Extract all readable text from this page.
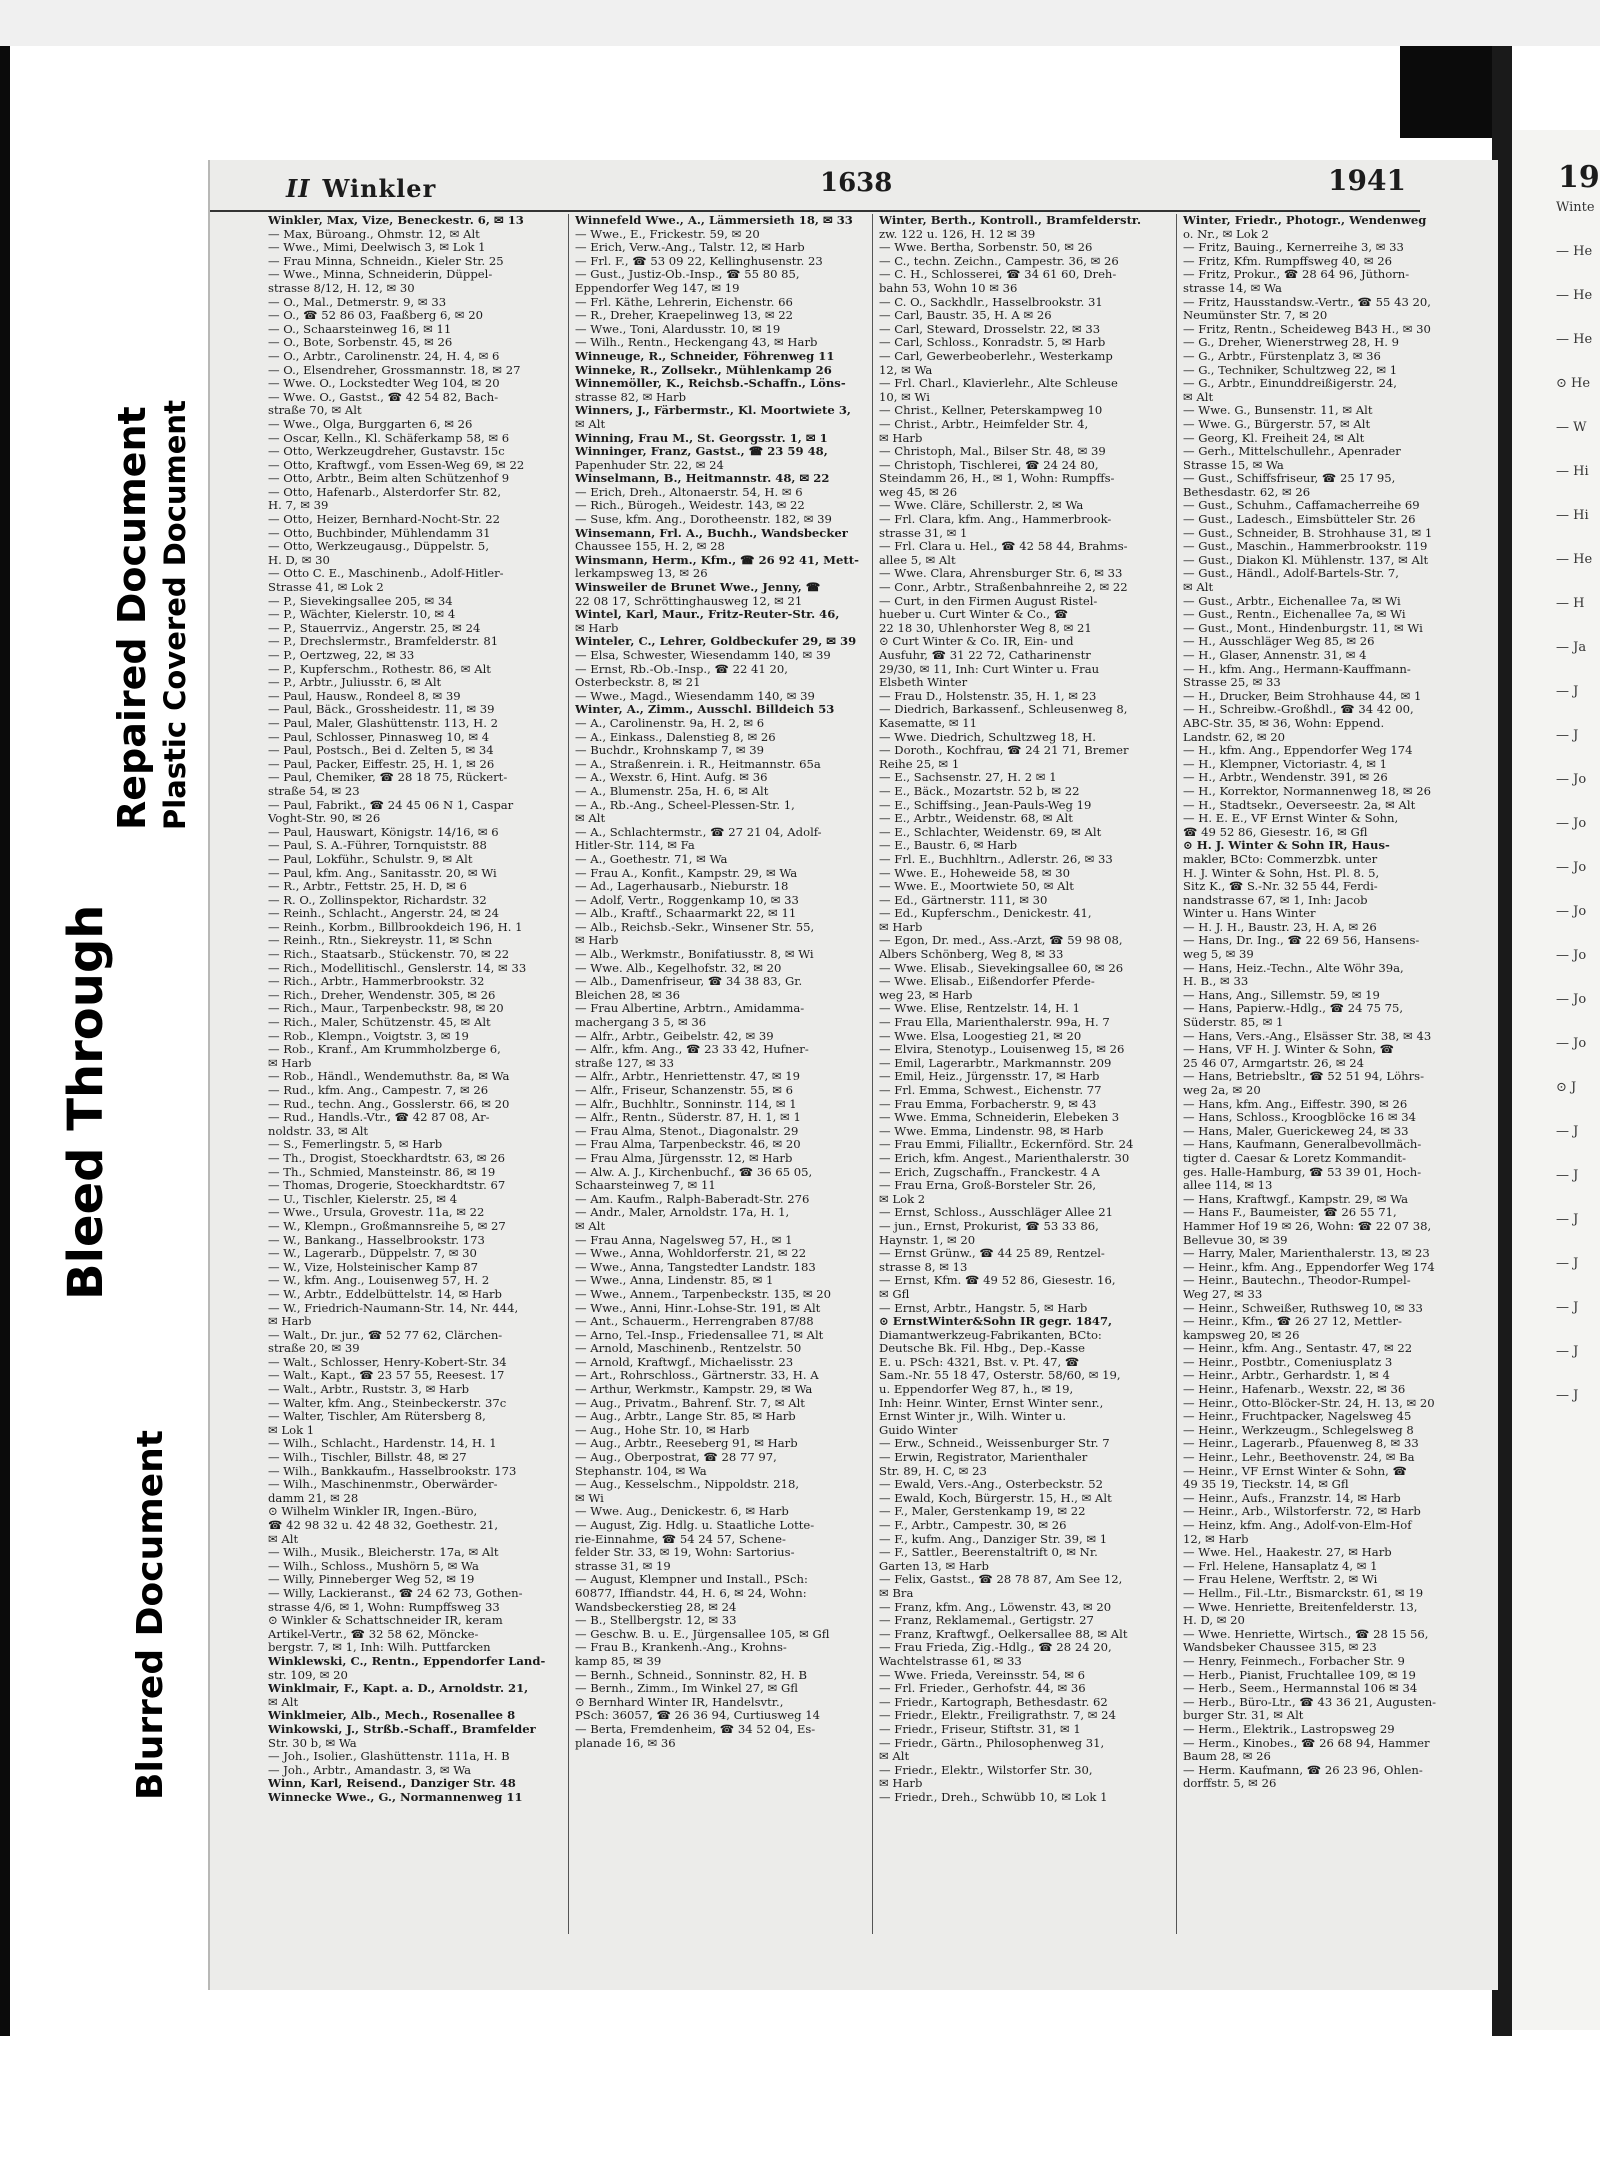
19
Winte
— He
— He
— He
⊙ He
— W
— Hi
— Hi
— He
— H
— Ja
— J
— J
— Jo
— Jo
— Jo
— Jo
— Jo
— Jo
— Jo
⊙ J
— J
— J
— J
— J
— J
— J
— J
Bleed Through
Repaired Document Plastic Covered Document
Blurred Document
II Winkler	1638	1941
Winkler, Max, Vize, Beneckestr. 6, ✉ 13
— Max, Büroang., Ohmstr. 12, ✉ Alt
— Wwe., Mimi, Deelwisch 3, ✉ Lok 1
— Frau Minna, Schneidn., Kieler Str. 25
— Wwe., Minna, Schneiderin, Düppel-
strasse 8/12, H. 12, ✉ 30
— O., Mal., Detmerstr. 9, ✉ 33
— O., ☎ 52 86 03, Faaßberg 6, ✉ 20
— O., Schaarsteinweg 16, ✉ 11
— O., Bote, Sorbenstr. 45, ✉ 26
— O., Arbtr., Carolinenstr. 24, H. 4, ✉ 6
— O., Elsendreher, Grossmannstr. 18, ✉ 27
— Wwe. O., Lockstedter Weg 104, ✉ 20
— Wwe. O., Gastst., ☎ 42 54 82, Bach-
straße 70, ✉ Alt
— Wwe., Olga, Burggarten 6, ✉ 26
— Oscar, Kelln., Kl. Schäferkamp 58, ✉ 6
— Otto, Werkzeugdreher, Gustavstr. 15c
— Otto, Kraftwgf., vom Essen-Weg 69, ✉ 22
— Otto, Arbtr., Beim alten Schützenhof 9
— Otto, Hafenarb., Alsterdorfer Str. 82,
H. 7, ✉ 39
— Otto, Heizer, Bernhard-Nocht-Str. 22
— Otto, Buchbinder, Mühlendamm 31
— Otto, Werkzeugausg., Düppelstr. 5,
H. D, ✉ 30
— Otto C. E., Maschinenb., Adolf-Hitler-
Strasse 41, ✉ Lok 2
— P., Sievekingsallee 205, ✉ 34
— P., Wächter, Kielerstr. 10, ✉ 4
— P., Stauerrviz., Angerstr. 25, ✉ 24
— P., Drechslermstr., Bramfelderstr. 81
— P., Oertzweg, 22, ✉ 33
— P., Kupferschm., Rothestr. 86, ✉ Alt
— P., Arbtr., Juliusstr. 6, ✉ Alt
— Paul, Hausw., Rondeel 8, ✉ 39
— Paul, Bäck., Grossheidestr. 11, ✉ 39
— Paul, Maler, Glashüttenstr. 113, H. 2
— Paul, Schlosser, Pinnasweg 10, ✉ 4
— Paul, Postsch., Bei d. Zelten 5, ✉ 34
— Paul, Packer, Eiffestr. 25, H. 1, ✉ 26
— Paul, Chemiker, ☎ 28 18 75, Rückert-
straße 54, ✉ 23
— Paul, Fabrikt., ☎ 24 45 06 N 1, Caspar
Voght-Str. 90, ✉ 26
— Paul, Hauswart, Königstr. 14/16, ✉ 6
— Paul, S. A.-Führer, Tornquiststr. 88
— Paul, Lokführ., Schulstr. 9, ✉ Alt
— Paul, kfm. Ang., Sanitasstr. 20, ✉ Wi
— R., Arbtr., Fettstr. 25, H. D, ✉ 6
— R. O., Zollinspektor, Richardstr. 32
— Reinh., Schlacht., Angerstr. 24, ✉ 24
— Reinh., Korbm., Billbrookdeich 196, H. 1
— Reinh., Rtn., Siekreystr. 11, ✉ Schn
— Rich., Staatsarb., Stückenstr. 70, ✉ 22
— Rich., Modellitischl., Genslerstr. 14, ✉ 33
— Rich., Arbtr., Hammerbrookstr. 32
— Rich., Dreher, Wendenstr. 305, ✉ 26
— Rich., Maur., Tarpenbeckstr. 98, ✉ 20
— Rich., Maler, Schützenstr. 45, ✉ Alt
— Rob., Klempn., Voigtstr. 3, ✉ 19
— Rob., Kranf., Am Krummholzberge 6,
✉ Harb
— Rob., Händl., Wendemuthstr. 8a, ✉ Wa
— Rud., kfm. Ang., Campestr. 7, ✉ 26
— Rud., techn. Ang., Gosslerstr. 66, ✉ 20
— Rud., Handls.-Vtr., ☎ 42 87 08, Ar-
noldstr. 33, ✉ Alt
— S., Femerlingstr. 5, ✉ Harb
— Th., Drogist, Stoeckhardtstr. 63, ✉ 26
— Th., Schmied, Mansteinstr. 86, ✉ 19
— Thomas, Drogerie, Stoeckhardtstr. 67
— U., Tischler, Kielerstr. 25, ✉ 4
— Wwe., Ursula, Grovestr. 11a, ✉ 22
— W., Klempn., Großmannsreihe 5, ✉ 27
— W., Bankang., Hasselbrookstr. 173
— W., Lagerarb., Düppelstr. 7, ✉ 30
— W., Vize, Holsteinischer Kamp 87
— W., kfm. Ang., Louisenweg 57, H. 2
— W., Arbtr., Eddelbüttelstr. 14, ✉ Harb
— W., Friedrich-Naumann-Str. 14, Nr. 444,
✉ Harb
— Walt., Dr. jur., ☎ 52 77 62, Clärchen-
straße 20, ✉ 39
— Walt., Schlosser, Henry-Kobert-Str. 34
— Walt., Kapt., ☎ 23 57 55, Reesest. 17
— Walt., Arbtr., Ruststr. 3, ✉ Harb
— Walter, kfm. Ang., Steinbeckerstr. 37c
— Walter, Tischler, Am Rütersberg 8,
✉ Lok 1
— Wilh., Schlacht., Hardenstr. 14, H. 1
— Wilh., Tischler, Billstr. 48, ✉ 27
— Wilh., Bankkaufm., Hasselbrookstr. 173
— Wilh., Maschinenmstr., Oberwärder-
damm 21, ✉ 28
⊙ Wilhelm Winkler IR, Ingen.-Büro,
☎ 42 98 32 u. 42 48 32, Goethestr. 21,
✉ Alt
— Wilh., Musik., Bleicherstr. 17a, ✉ Alt
— Wilh., Schloss., Mushörn 5, ✉ Wa
— Willy, Pinneberger Weg 52, ✉ 19
— Willy, Lackieranst., ☎ 24 62 73, Gothen-
strasse 4/6, ✉ 1, Wohn: Rumpffsweg 33
⊙ Winkler & Schattschneider IR, keram
Artikel-Vertr., ☎ 32 58 62, Mönckе-
bergstr. 7, ✉ 1, Inh: Wilh. Puttfarcken
Winklewski, C., Rentn., Eppendorfer Land-
str. 109, ✉ 20
Winklmair, F., Kapt. a. D., Arnoldstr. 21,
✉ Alt
Winklmeier, Alb., Mech., Rosenallee 8
Winkowski, J., Strßb.-Schaff., Bramfelder
Str. 30 b, ✉ Wa
— Joh., Isolier., Glashüttenstr. 111a, H. B
— Joh., Arbtr., Amandastr. 3, ✉ Wa
Winn, Karl, Reisend., Danziger Str. 48
Winnecke Wwe., G., Normannenweg 11
Winnefeld Wwe., A., Lämmersieth 18, ✉ 33
— Wwe., E., Frickestr. 59, ✉ 20
— Erich, Verw.-Ang., Talstr. 12, ✉ Harb
— Frl. F., ☎ 53 09 22, Kellinghusenstr. 23
— Gust., Justiz-Ob.-Insp., ☎ 55 80 85,
Eppendorfer Weg 147, ✉ 19
— Frl. Käthe, Lehrerin, Eichenstr. 66
— R., Dreher, Kraepelinweg 13, ✉ 22
— Wwe., Toni, Alardusstr. 10, ✉ 19
— Wilh., Rentn., Heckengang 43, ✉ Harb
Winneuge, R., Schneider, Föhrenweg 11
Winneke, R., Zollsekr., Mühlenkamp 26
Winnemöller, K., Reichsb.-Schaffn., Löns-
strasse 82, ✉ Harb
Winners, J., Färbermstr., Kl. Moortwiete 3,
✉ Alt
Winning, Frau M., St. Georgsstr. 1, ✉ 1
Winninger, Franz, Gastst., ☎ 23 59 48,
Papenhuder Str. 22, ✉ 24
Winselmann, B., Heitmannstr. 48, ✉ 22
— Erich, Dreh., Altonaerstr. 54, H. ✉ 6
— Rich., Bürogeh., Weidestr. 143, ✉ 22
— Suse, kfm. Ang., Dorotheenstr. 182, ✉ 39
Winsemann, Frl. A., Buchh., Wandsbecker
Chaussee 155, H. 2, ✉ 28
Winsmann, Herm., Kfm., ☎ 26 92 41, Mett-
lerkampsweg 13, ✉ 26
Winsweiler de Brunet Wwe., Jenny, ☎
22 08 17, Schröttinghausweg 12, ✉ 21
Wintel, Karl, Maur., Fritz-Reuter-Str. 46,
✉ Harb
Winteler, C., Lehrer, Goldbeckufer 29, ✉ 39
— Elsa, Schwester, Wiesendamm 140, ✉ 39
— Ernst, Rb.-Ob.-Insp., ☎ 22 41 20,
Osterbeckstr. 8, ✉ 21
— Wwe., Magd., Wiesendamm 140, ✉ 39
Winter, A., Zimm., Ausschl. Billdeich 53
— A., Carolinenstr. 9a, H. 2, ✉ 6
— A., Einkass., Dalenstieg 8, ✉ 26
— Buchdr., Krohnskamp 7, ✉ 39
— A., Straßenrein. i. R., Heitmannstr. 65a
— A., Wexstr. 6, Hint. Aufg. ✉ 36
— A., Blumenstr. 25a, H. 6, ✉ Alt
— A., Rb.-Ang., Scheel-Plessen-Str. 1,
✉ Alt
— A., Schlachtermstr., ☎ 27 21 04, Adolf-
Hitler-Str. 114, ✉ Fa
— A., Goethestr. 71, ✉ Wa
— Frau A., Konfit., Kampstr. 29, ✉ Wa
— Ad., Lagerhausarb., Nieburstr. 18
— Adolf, Vertr., Roggenkamp 10, ✉ 33
— Alb., Kraftf., Schaarmarkt 22, ✉ 11
— Alb., Reichsb.-Sekr., Winsener Str. 55,
✉ Harb
— Alb., Werkmstr., Bonifatiusstr. 8, ✉ Wi
— Wwe. Alb., Kegelhofstr. 32, ✉ 20
— Alb., Damenfriseur, ☎ 34 38 83, Gr.
Bleichen 28, ✉ 36
— Frau Albertine, Arbtrn., Amidamma-
machergang 3 5, ✉ 36
— Alfr., Arbtr., Geibelstr. 42, ✉ 39
— Alfr., kfm. Ang., ☎ 23 33 42, Hufner-
straße 127, ✉ 33
— Alfr., Arbtr., Henriettenstr. 47, ✉ 19
— Alfr., Friseur, Schanzenstr. 55, ✉ 6
— Alfr., Buchhltr., Sonninstr. 114, ✉ 1
— Alfr., Rentn., Süderstr. 87, H. 1, ✉ 1
— Frau Alma, Stenot., Diagonalstr. 29
— Frau Alma, Tarpenbeckstr. 46, ✉ 20
— Frau Alma, Jürgensstr. 12, ✉ Harb
— Alw. A. J., Kirchenbuchf., ☎ 36 65 05,
Schaarsteinweg 7, ✉ 11
— Am. Kaufm., Ralph-Baberadt-Str. 276
— Andr., Maler, Arnoldstr. 17a, H. 1,
✉ Alt
— Frau Anna, Nagelsweg 57, H., ✉ 1
— Wwe., Anna, Wohldorferstr. 21, ✉ 22
— Wwe., Anna, Tangstedter Landstr. 183
— Wwe., Anna, Lindenstr. 85, ✉ 1
— Wwe., Annem., Tarpenbeckstr. 135, ✉ 20
— Wwe., Anni, Hinr.-Lohse-Str. 191, ✉ Alt
— Ant., Schauerm., Herrengraben 87/88
— Arno, Tel.-Insp., Friedensallee 71, ✉ Alt
— Arnold, Maschinenb., Rentzelstr. 50
— Arnold, Kraftwgf., Michaelisstr. 23
— Art., Rohrschloss., Gärtnerstr. 33, H. A
— Arthur, Werkmstr., Kampstr. 29, ✉ Wa
— Aug., Privatm., Bahrenf. Str. 7, ✉ Alt
— Aug., Arbtr., Lange Str. 85, ✉ Harb
— Aug., Hohe Str. 10, ✉ Harb
— Aug., Arbtr., Reeseberg 91, ✉ Harb
— Aug., Oberpostrat, ☎ 28 77 97,
Stephanstr. 104, ✉ Wa
— Aug., Kesselschm., Nippoldstr. 218,
✉ Wi
— Wwe. Aug., Denickestr. 6, ✉ Harb
— August, Zig. Hdlg. u. Staatliche Lotte-
rie-Einnahme, ☎ 54 24 57, Schene-
felder Str. 33, ✉ 19, Wohn: Sartorius-
strasse 31, ✉ 19
— August, Klempner und Install., PSch:
60877, Iffiandstr. 44, H. 6, ✉ 24, Wohn:
Wandsbeckerstieg 28, ✉ 24
— B., Stellbergstr. 12, ✉ 33
— Geschw. B. u. E., Jürgensallee 105, ✉ Gfl
— Frau B., Krankenh.-Ang., Krohns-
kamp 85, ✉ 39
— Bernh., Schneid., Sonninstr. 82, H. B
— Bernh., Zimm., Im Winkel 27, ✉ Gfl
⊙ Bernhard Winter IR, Handelsvtr.,
PSch: 36057, ☎ 26 36 94, Curtiusweg 14
— Berta, Fremdenheim, ☎ 34 52 04, Es-
planade 16, ✉ 36
Winter, Berth., Kontroll., Bramfelderstr.
zw. 122 u. 126, H. 12 ✉ 39
— Wwe. Bertha, Sorbenstr. 50, ✉ 26
— C., techn. Zeichn., Campestr. 36, ✉ 26
— C. H., Schlosserei, ☎ 34 61 60, Dreh-
bahn 53, Wohn 10 ✉ 36
— C. O., Sackhdlr., Hasselbrookstr. 31
— Carl, Baustr. 35, H. A ✉ 26
— Carl, Steward, Drosselstr. 22, ✉ 33
— Carl, Schloss., Konradstr. 5, ✉ Harb
— Carl, Gewerbeoberlehr., Westerkamp
12, ✉ Wa
— Frl. Charl., Klavierlehr., Alte Schleuse
10, ✉ Wi
— Christ., Kellner, Peterskampweg 10
— Christ., Arbtr., Heimfelder Str. 4,
✉ Harb
— Christoph, Mal., Bilser Str. 48, ✉ 39
— Christoph, Tischlerei, ☎ 24 24 80,
Steindamm 26, H., ✉ 1, Wohn: Rumpffs-
weg 45, ✉ 26
— Wwe. Cläre, Schillerstr. 2, ✉ Wa
— Frl. Clara, kfm. Ang., Hammerbrook-
strasse 31, ✉ 1
— Frl. Clara u. Hel., ☎ 42 58 44, Brahms-
allee 5, ✉ Alt
— Wwe. Clara, Ahrensburger Str. 6, ✉ 33
— Conr., Arbtr., Straßenbahnreihe 2, ✉ 22
— Curt, in den Firmen August Ristel-
hueber u. Curt Winter & Co., ☎
22 18 30, Uhlenhorster Weg 8, ✉ 21
⊙ Curt Winter & Co. IR, Ein- und
Ausfuhr, ☎ 31 22 72, Catharinenstr
29/30, ✉ 11, Inh: Curt Winter u. Frau
Elsbeth Winter
— Frau D., Holstenstr. 35, H. 1, ✉ 23
— Diedrich, Barkassenf., Schleusenweg 8,
Kasematte, ✉ 11
— Wwe. Diedrich, Schultzweg 18, H.
— Doroth., Kochfrau, ☎ 24 21 71, Bremer
Reihe 25, ✉ 1
— E., Sachsenstr. 27, H. 2 ✉ 1
— E., Bäck., Mozartstr. 52 b, ✉ 22
— E., Schiffsing., Jean-Pauls-Weg 19
— E., Arbtr., Weidenstr. 68, ✉ Alt
— E., Schlachter, Weidenstr. 69, ✉ Alt
— E., Baustr. 6, ✉ Harb
— Frl. E., Buchhltrn., Adlerstr. 26, ✉ 33
— Wwe. E., Hoheweide 58, ✉ 30
— Wwe. E., Moortwiete 50, ✉ Alt
— Ed., Gärtnerstr. 111, ✉ 30
— Ed., Kupferschm., Denickestr. 41,
✉ Harb
— Egon, Dr. med., Ass.-Arzt, ☎ 59 98 08,
Albers Schönberg, Weg 8, ✉ 33
— Wwe. Elisab., Sievekingsallee 60, ✉ 26
— Wwe. Elisab., Eißendorfer Pferde-
weg 23, ✉ Harb
— Wwe. Elise, Rentzelstr. 14, H. 1
— Frau Ella, Marienthalerstr. 99a, H. 7
— Wwe. Elsa, Loogestieg 21, ✉ 20
— Elvira, Stenotyp., Louisenweg 15, ✉ 26
— Emil, Lagerarbtr., Markmannstr. 209
— Emil, Heiz., Jürgensstr. 17, ✉ Harb
— Frl. Emma, Schwest., Eichenstr. 77
— Frau Emma, Forbacherstr. 9, ✉ 43
— Wwe. Emma, Schneiderin, Elebeken 3
— Wwe. Emma, Lindenstr. 98, ✉ Harb
— Frau Emmi, Filialltr., Eckernförd. Str. 24
— Erich, kfm. Angest., Marienthalerstr. 30
— Erich, Zugschaffn., Franckestr. 4 A
— Frau Erna, Groß-Borsteler Str. 26,
✉ Lok 2
— Ernst, Schloss., Ausschläger Allee 21
— jun., Ernst, Prokurist, ☎ 53 33 86,
Haynstr. 1, ✉ 20
— Ernst Grünw., ☎ 44 25 89, Rentzel-
strasse 8, ✉ 13
— Ernst, Kfm. ☎ 49 52 86, Giesestr. 16,
✉ Gfl
— Ernst, Arbtr., Hangstr. 5, ✉ Harb
⊙ ErnstWinter&Sohn IR gegr. 1847,
Diamantwerkzeug-Fabrikanten, BCto:
Deutsche Bk. Fil. Hbg., Dep.-Kasse
E. u. PSch: 4321, Bst. v. Pt. 47, ☎
Sam.-Nr. 55 18 47, Osterstr. 58/60, ✉ 19,
u. Eppendorfer Weg 87, h., ✉ 19,
Inh: Heinr. Winter, Ernst Winter senr.,
Ernst Winter jr., Wilh. Winter u.
Guido Winter
— Erw., Schneid., Weissenburger Str. 7
— Erwin, Registrator, Marienthaler
Str. 89, H. C, ✉ 23
— Ewald, Vers.-Ang., Osterbeckstr. 52
— Ewald, Koch, Bürgerstr. 15, H., ✉ Alt
— F., Maler, Gerstenkamp 19, ✉ 22
— F., Arbtr., Campestr. 30, ✉ 26
— F., kufm. Ang., Danziger Str. 39, ✉ 1
— F., Sattler., Beerenstaltrift 0, ✉ Nr.
Garten 13, ✉ Harb
— Felix, Gastst., ☎ 28 78 87, Am See 12,
✉ Bra
— Franz, kfm. Ang., Löwenstr. 43, ✉ 20
— Franz, Reklamemal., Gertigstr. 27
— Franz, Kraftwgf., Oelkersallee 88, ✉ Alt
— Frau Frieda, Zig.-Hdlg., ☎ 28 24 20,
Wachtelstrasse 61, ✉ 33
— Wwe. Frieda, Vereinsstr. 54, ✉ 6
— Frl. Frieder., Gerhofstr. 44, ✉ 36
— Friedr., Kartograph, Bethesdastr. 62
— Friedr., Elektr., Freiligrathstr. 7, ✉ 24
— Friedr., Friseur, Stiftstr. 31, ✉ 1
— Friedr., Gärtn., Philosophenweg 31,
✉ Alt
— Friedr., Elektr., Wilstorfer Str. 30,
✉ Harb
— Friedr., Dreh., Schwübb 10, ✉ Lok 1
Winter, Friedr., Photogr., Wendenweg
o. Nr., ✉ Lok 2
— Fritz, Bauing., Kernerreihe 3, ✉ 33
— Fritz, Kfm. Rumpffsweg 40, ✉ 26
— Fritz, Prokur., ☎ 28 64 96, Jüthorn-
strasse 14, ✉ Wa
— Fritz, Hausstandsw.-Vertr., ☎ 55 43 20,
Neumünster Str. 7, ✉ 20
— Fritz, Rentn., Scheideweg B43 H., ✉ 30
— G., Dreher, Wienerstrweg 28, H. 9
— G., Arbtr., Fürstenplatz 3, ✉ 36
— G., Techniker, Schultzweg 22, ✉ 1
— G., Arbtr., Einunddreißigerstr. 24,
✉ Alt
— Wwe. G., Bunsenstr. 11, ✉ Alt
— Wwe. G., Bürgerstr. 57, ✉ Alt
— Georg, Kl. Freiheit 24, ✉ Alt
— Gerh., Mittelschullehr., Apenrader
Strasse 15, ✉ Wa
— Gust., Schiffsfriseur, ☎ 25 17 95,
Bethesdastr. 62, ✉ 26
— Gust., Schuhm., Caffamacherreihe 69
— Gust., Ladesch., Eimsbütteler Str. 26
— Gust., Schneider, B. Strohhause 31, ✉ 1
— Gust., Maschin., Hammerbrookstr. 119
— Gust., Diakon Kl. Mühlenstr. 137, ✉ Alt
— Gust., Händl., Adolf-Bartels-Str. 7,
✉ Alt
— Gust., Arbtr., Eichenallee 7a, ✉ Wi
— Gust., Rentn., Eichenallee 7a, ✉ Wi
— Gust., Mont., Hindenburgstr. 11, ✉ Wi
— H., Ausschläger Weg 85, ✉ 26
— H., Glaser, Annenstr. 31, ✉ 4
— H., kfm. Ang., Hermann-Kauffmann-
Strasse 25, ✉ 33
— H., Drucker, Beim Strohhause 44, ✉ 1
— H., Schreibw.-Großhdl., ☎ 34 42 00,
ABC-Str. 35, ✉ 36, Wohn: Eppend.
Landstr. 62, ✉ 20
— H., kfm. Ang., Eppendorfer Weg 174
— H., Klempner, Victoriastr. 4, ✉ 1
— H., Arbtr., Wendenstr. 391, ✉ 26
— H., Korrektor, Normannenweg 18, ✉ 26
— H., Stadtsekr., Oeverseestr. 2a, ✉ Alt
— H. E. E., VF Ernst Winter & Sohn,
☎ 49 52 86, Giesestr. 16, ✉ Gfl
⊙ H. J. Winter & Sohn IR, Haus-
makler, BCto: Commerzbk. unter
H. J. Winter & Sohn, Hst. Pl. 8. 5,
Sitz K., ☎ S.-Nr. 32 55 44, Ferdi-
nandstrasse 67, ✉ 1, Inh: Jacob
Winter u. Hans Winter
— H. J. H., Baustr. 23, H. A, ✉ 26
— Hans, Dr. Ing., ☎ 22 69 56, Hansens-
weg 5, ✉ 39
— Hans, Heiz.-Techn., Alte Wöhr 39a,
H. B., ✉ 33
— Hans, Ang., Sillemstr. 59, ✉ 19
— Hans, Papierw.-Hdlg., ☎ 24 75 75,
Süderstr. 85, ✉ 1
— Hans, Vers.-Ang., Elsässer Str. 38, ✉ 43
— Hans, VF H. J. Winter & Sohn, ☎
25 46 07, Armgartstr. 26, ✉ 24
— Hans, Betriebsltr., ☎ 52 51 94, Löhrs-
weg 2a, ✉ 20
— Hans, kfm. Ang., Eiffestr. 390, ✉ 26
— Hans, Schloss., Kroogblöcke 16 ✉ 34
— Hans, Maler, Guerickeweg 24, ✉ 33
— Hans, Kaufmann, Generalbevollmäch-
tigter d. Caesar & Loretz Kommandit-
ges. Halle-Hamburg, ☎ 53 39 01, Hoch-
allee 114, ✉ 13
— Hans, Kraftwgf., Kampstr. 29, ✉ Wa
— Hans F., Baumeister, ☎ 26 55 71,
Hammer Hof 19 ✉ 26, Wohn: ☎ 22 07 38,
Bellevue 30, ✉ 39
— Harry, Maler, Marienthalerstr. 13, ✉ 23
— Heinr., kfm. Ang., Eppendorfer Weg 174
— Heinr., Bautechn., Theodor-Rumpel-
Weg 27, ✉ 33
— Heinr., Schweißer, Ruthsweg 10, ✉ 33
— Heinr., Kfm., ☎ 26 27 12, Mettler-
kampsweg 20, ✉ 26
— Heinr., kfm. Ang., Sentastr. 47, ✉ 22
— Heinr., Postbtr., Comeniusplatz 3
— Heinr., Arbtr., Gerhardstr. 1, ✉ 4
— Heinr., Hafenarb., Wexstr. 22, ✉ 36
— Heinr., Otto-Blöcker-Str. 24, H. 13, ✉ 20
— Heinr., Fruchtpacker, Nagelsweg 45
— Heinr., Werkzeugm., Schlegelsweg 8
— Heinr., Lagerarb., Pfauenweg 8, ✉ 33
— Heinr., Lehr., Beethovenstr. 24, ✉ Ba
— Heinr., VF Ernst Winter & Sohn, ☎
49 35 19, Tieckstr. 14, ✉ Gfl
— Heinr., Aufs., Franzstr. 14, ✉ Harb
— Heinr., Arb., Wilstorferstr. 72, ✉ Harb
— Heinz, kfm. Ang., Adolf-von-Elm-Hof
12, ✉ Harb
— Wwe. Hel., Haakestr. 27, ✉ Harb
— Frl. Helene, Hansaplatz 4, ✉ 1
— Frau Helene, Werftstr. 2, ✉ Wi
— Hellm., Fil.-Ltr., Bismarckstr. 61, ✉ 19
— Wwe. Henriette, Breitenfelderstr. 13,
H. D, ✉ 20
— Wwe. Henriette, Wirtsch., ☎ 28 15 56,
Wandsbeker Chaussee 315, ✉ 23
— Henry, Feinmech., Forbacher Str. 9
— Herb., Pianist, Fruchtallee 109, ✉ 19
— Herb., Seem., Hermannstal 106 ✉ 34
— Herb., Büro-Ltr., ☎ 43 36 21, Augusten-
burger Str. 31, ✉ Alt
— Herm., Elektrik., Lastropsweg 29
— Herm., Kinobes., ☎ 26 68 94, Hammer
Baum 28, ✉ 26
— Herm. Kaufmann, ☎ 26 23 96, Ohlen-
dorffstr. 5, ✉ 26
